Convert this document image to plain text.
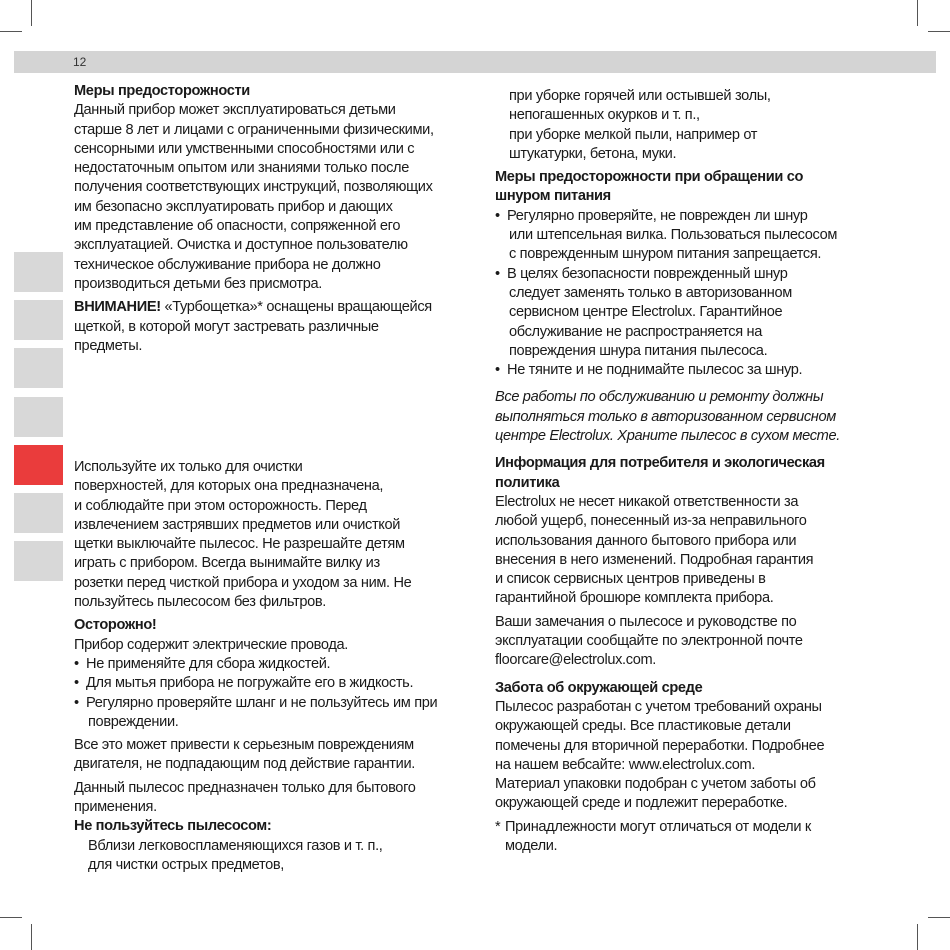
12

Меры предосторожности

Данный прибор может эксплуатироваться детьми

старше 8 лет и лицами с ограниченными физическими,

сенсорными или умственными способностями или с

недостаточным опытом или знаниями только после

получения соответствующих инструкций, позволяющих

им безопасно эксплуатировать прибор и дающих

им представление об опасности, сопряженной его

эксплуатацией. Очистка и доступное пользователю

техническое обслуживание прибора не должно

производиться детьми без присмотра.

ВНИМАНИЕ! «Турбощетка»* оснащены вращающейся

щеткой, в которой могут застревать различные

предметы.

Используйте их только для очистки

поверхностей, для которых она предназначена,

и соблюдайте при этом осторожность. Перед

извлечением застрявших предметов или очисткой

щетки выключайте пылесос. Не разрешайте детям

играть с прибором. Всегда вынимайте вилку из

розетки перед чисткой прибора и уходом за ним. Не

пользуйтесь пылесосом без фильтров.

Осторожно!

Прибор содержит электрические провода.

• Не применяйте для сбора жидкостей.

• Для мытья прибора не погружайте его в жидкость.

• Регулярно проверяйте шланг и не пользуйтесь им при

повреждении.

Все это может привести к серьезным повреждениям

двигателя, не подпадающим под действие гарантии.

Данный пылесос предназначен только для бытового

применения.

Не пользуйтесь пылесосом:

Вблизи легковоспламеняющихся газов и т. п.,

для чистки острых предметов,

при уборке горячей или остывшей золы,

непогашенных окурков и т. п.,

при уборке мелкой пыли, например от

штукатурки, бетона, муки.

Меры предосторожности при обращении со

шнуром питания

• Регулярно проверяйте, не поврежден ли шнур

или штепсельная вилка. Пользоваться пылесосом

с поврежденным шнуром питания запрещается.

• В целях безопасности поврежденный шнур

следует заменять только в авторизованном

сервисном центре Electrolux. Гарантийное

обслуживание не распространяется на

повреждения шнура питания пылесоса.

• Не тяните и не поднимайте пылесос за шнур.

Все работы по обслуживанию и ремонту должны

выполняться только в авторизованном сервисном

центре Electrolux. Храните пылесос в сухом месте.

Информация для потребителя и экологическая

политика

Electrolux не несет никакой ответственности за

любой ущерб, понесенный из-за неправильного

использования данного бытового прибора или

внесения в него изменений. Подробная гарантия

и список сервисных центров приведены в

гарантийной брошюре комплекта прибора.

Ваши замечания о пылесосе и руководстве по

эксплуатации сообщайте по электронной почте

floorcare@electrolux.com.

Забота об окружающей среде

Пылесос разработан с учетом требований охраны

окружающей среды. Все пластиковые детали

помечены для вторичной переработки. Подробнее

на нашем вебсайте: www.electrolux.com.

Материал упаковки подобран с учетом заботы об

окружающей среде и подлежит переработке.

* Принадлежности могут отличаться от модели к

модели.
